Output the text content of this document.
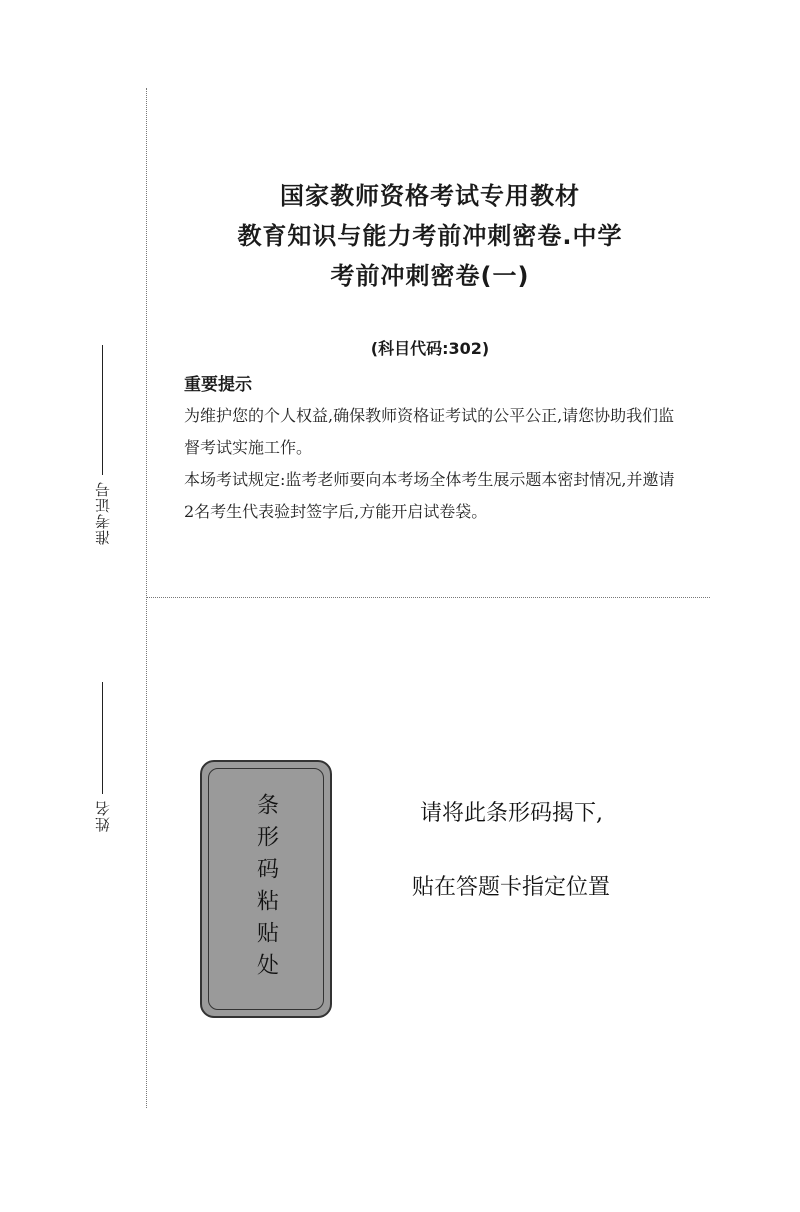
准考证号
姓名
国家教师资格考试专用教材
教育知识与能力考前冲刺密卷.中学
考前冲刺密卷(一)
(科目代码:302)
重要提示

为维护您的个人权益,确保教师资格证考试的公平公正,请您协助我们监督考试实施工作。

本场考试规定:监考老师要向本考场全体考生展示题本密封情况,并邀请2名考生代表验封签字后,方能开启试卷袋。

条形码粘贴处	请将此条形码揭下,
贴在答题卡指定位置
